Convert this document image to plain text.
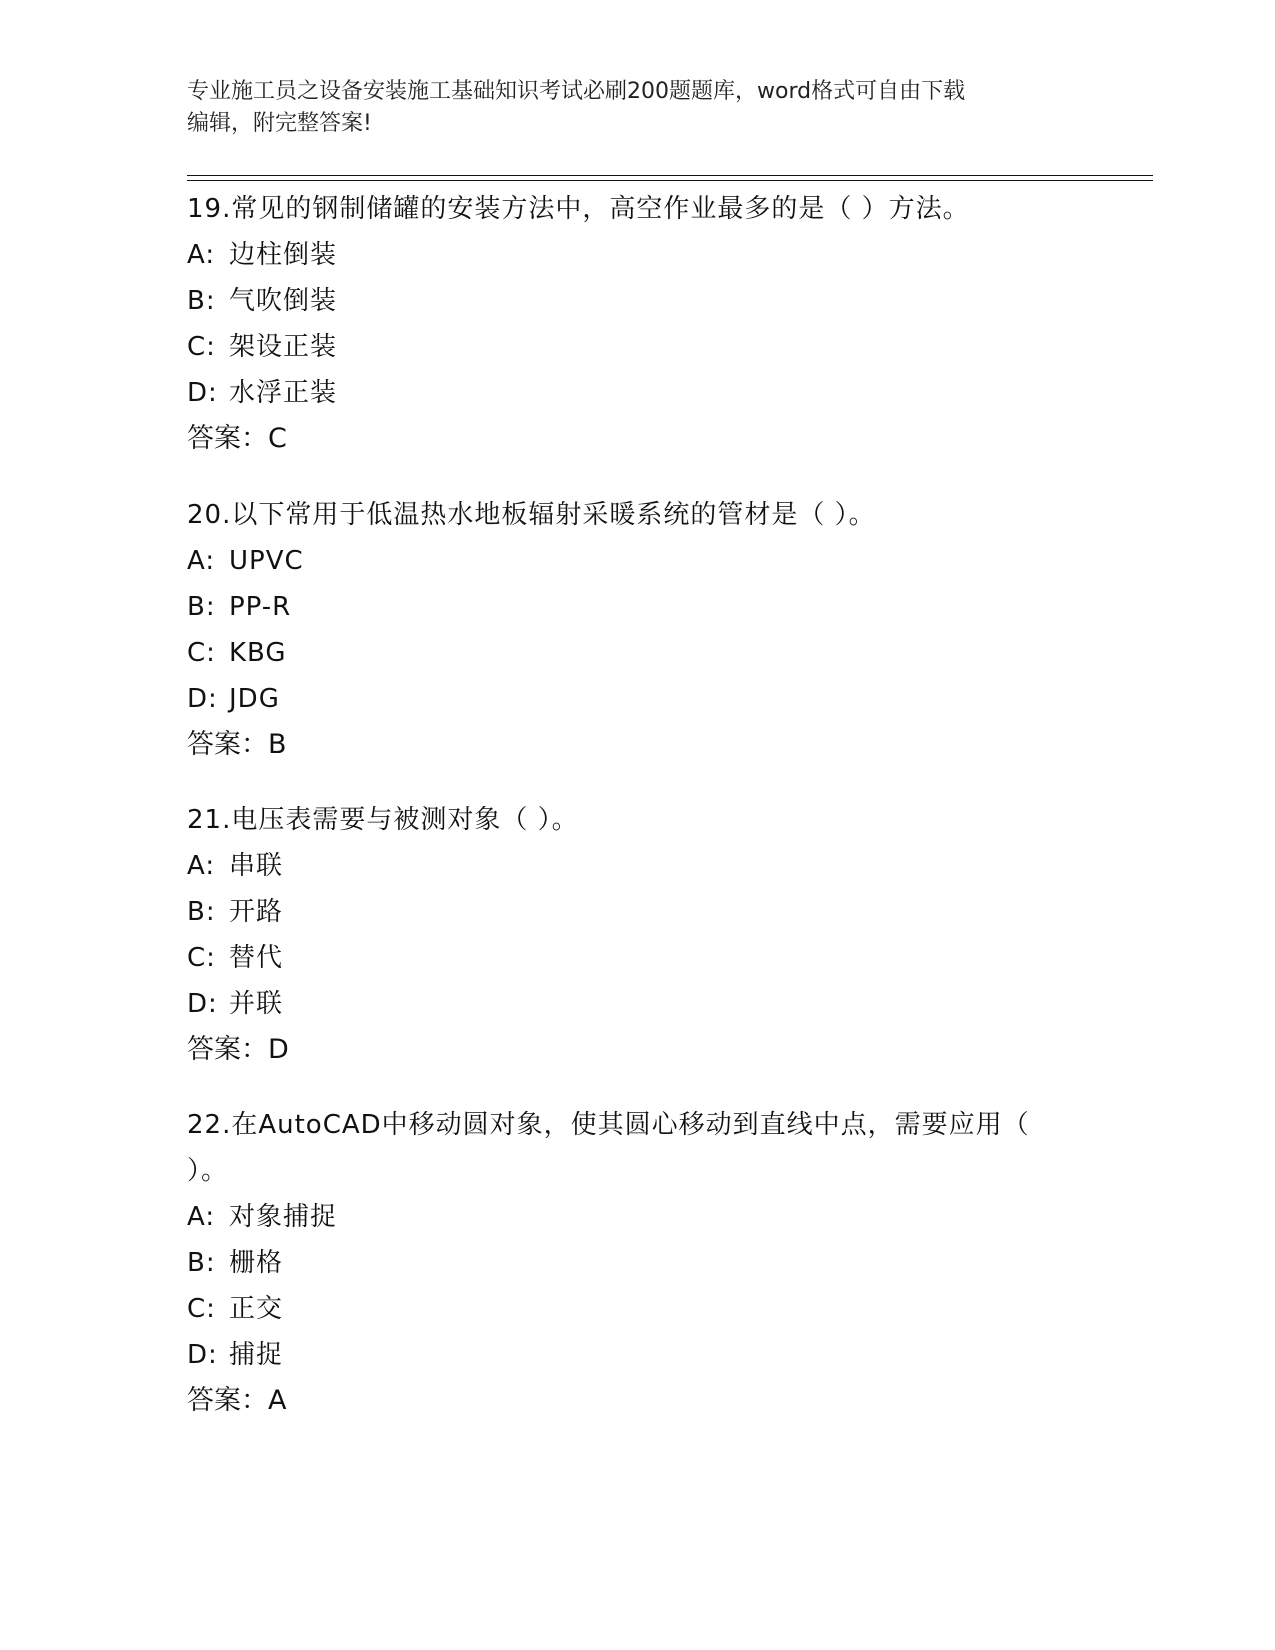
专业施工员之设备安装施工基础知识考试必刷200题题库，word格式可自由下载
编辑，附完整答案!
19.常见的钢制储罐的安装方法中，高空作业最多的是（ ）方法。
A: 边柱倒装
B: 气吹倒装
C: 架设正装
D: 水浮正装
答案：C
20.以下常用于低温热水地板辐射采暖系统的管材是（ ）。
A: UPVC
B: PP-R
C: KBG
D: JDG
答案：B
21.电压表需要与被测对象（ ）。
A: 串联
B: 开路
C: 替代
D: 并联
答案：D
22.在AutoCAD中移动圆对象，使其圆心移动到直线中点，需要应用（
）。
A: 对象捕捉
B: 栅格
C: 正交
D: 捕捉
答案：A
